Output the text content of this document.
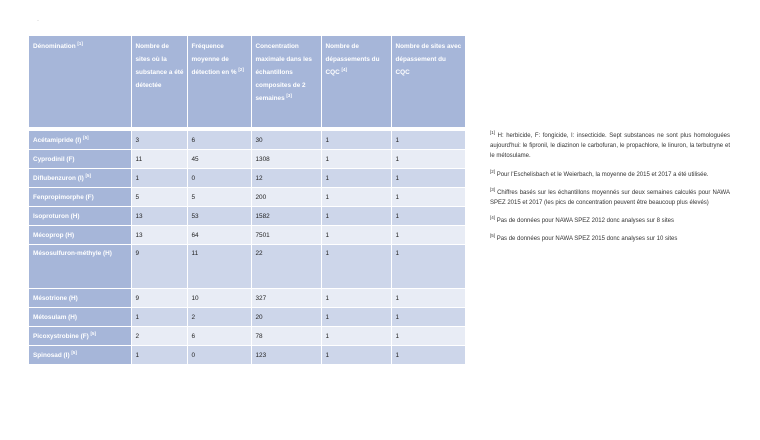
·
Dénomination [1]	Nombre de sites où la substance a été détectée	Fréquence moyenne de détection en % [2]	Concentration maximale dans les échantillons composites de 2 semaines [3]	Nombre de dépassements du CQC [4]	Nombre de sites avec dépassement du CQC
Acétamipride (I) [5]	3	6	30	1	1
Cyprodinil (F)	11	45	1308	1	1
Diflubenzuron (I) [5]	1	0	12	1	1
Fenpropimorphe (F)	5	5	200	1	1
Isoproturon (H)	13	53	1582	1	1
Mécoprop (H)	13	64	7501	1	1
Mésosulfuron-méthyle (H)	9	11	22	1	1
Mésotrione (H)	9	10	327	1	1
Métosulam (H)	1	2	20	1	1
Picoxystrobine (F) [5]	2	6	78	1	1
Spinosad (I) [5]	1	0	123	1	1

[1] H: herbicide, F: fongicide, I: insecticide. Sept substances ne sont plus homologuées aujourd'hui: le fipronil, le diazinon le carbofuran, le propachlore, le linuron, la terbutryne et le métosulame.

[2] Pour l'Eschelisbach et le Weierbach, la moyenne de 2015 et 2017 a été utilisée.

[3] Chiffres basés sur les échantillons moyennés sur deux semaines calculés pour NAWA SPEZ 2015 et 2017 (les pics de concentration peuvent être beaucoup plus élevés)

[4] Pas de données pour NAWA SPEZ 2012 donc analyses sur 8 sites

[5] Pas de données pour NAWA SPEZ 2015 donc analyses sur 10 sites
